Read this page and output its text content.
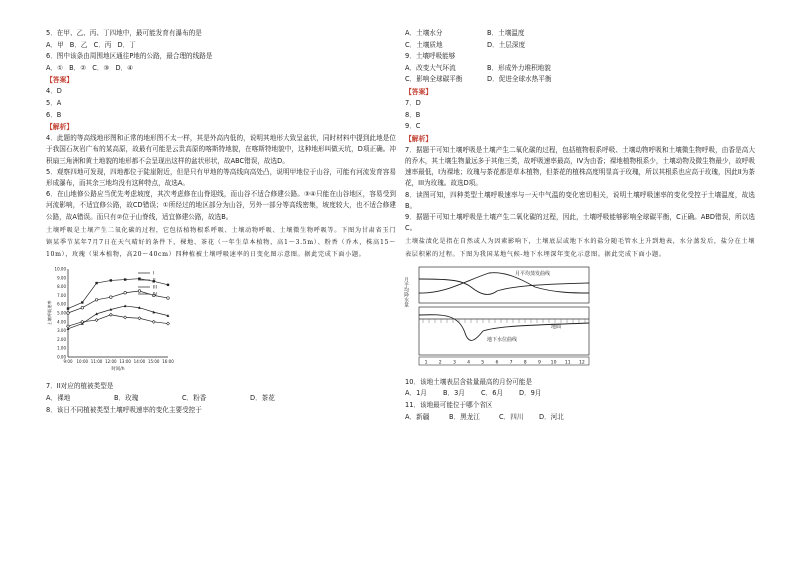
5．在甲、乙、丙、丁四地中，最可能发育有瀑布的是
A．甲 B．乙 C．丙 D．丁
6．图中该条由周围地区通往P地的公路，最合理的线路是
A．① B．② C．③ D．④
【答案】
4．D
5．A
6．B
【解析】
4．此题的等高线地形图和正常的地形图不太一样，其是外高内低的，说明其地形大致呈盆状，同时材料中提到此地是位于我国石灰岩广布的某高原，故最有可能是云贵高原的喀斯特地貌，在喀斯特地貌中，这种地形叫做天坑，D项正确。冲积扇三角洲和黄土地貌的地形都不会呈现出这样的盆状形状，故ABC错误，故选D。
5．观察四地可发现，四地都位于陡崖附近，但是只有甲地的等高线向高处凸，说明甲地位于山谷，可能有河流发育容易形成瀑布，而其余三地均没有这种特点，故选A。
6．在山地修公路应当优先考虑坡度，其次考虑修在山脊迎线，而山谷不适合修建公路。③④只能在山谷地区，容易受到河流影响，不适宜修公路，故CD错误；①所经过的地区部分为山谷，另外一部分等高线密集，坡度较大，也不适合修建公路，故A错误。而只有②位于山脊线，适宜修建公路，故选B。
土壤呼吸是土壤产生二氧化碳的过程，它包括植物根系呼吸、土壤动物呼吸、土壤微生物呼吸等。下图为甘肃省玉门镇某季节某年7月7日在天气晴好的条件下，裸地、茶花（一年生草本植物，高1～3.5m）、粉香（乔木，株高15～10m），玫瑰（果本植物，高20～40cm）四种植被土壤呼吸速率的日变化图示意图。据此完成下面小题。
0.00
1.00
2.00
3.00
4.00
5.00
6.00
7.00
8.00
9.00
10.00
9:00 10:00 11:00 12:00 13:00 14:00 15:00 16:00
时间/h
土壤呼吸速率
I
II
III
IV
7．II对应的植被类型是
A．裸地	B．玫瑰	C．粉香	D．茶花
8．该日不同植被类型土壤呼吸速率的变化主要受控于
A．土壤水分	B．土壤温度
C．土壤质地	D．土层深度
9．土壤呼吸能够
A．改变大气环流	B．形成外力堆积地貌
C．影响全球碳平衡	D．促进全球水热平衡
【答案】
7．D
8．B
9．C
【解析】
7．据题干可知土壤呼吸是土壤产生二氧化碳的过程，包括植物根系呼吸、土壤动物呼吸和土壤微生物呼吸，由香是高大的乔木，其土壤生物量远多于其他三类，故呼吸速率最高，IV为由香；裸地植物根系少，土壤动物及微生物最少，故呼吸速率最低，I为裸地；玫瑰与茶花都是草本植物，但茶花的植株高度明显高于玫瑰，所以其根系也应高于玫瑰，因此II为茶花，III为玫瑰。故选D项。
8．读图可知，四种类型土壤呼吸速率与一天中气温的变化密切相关，说明土壤呼吸速率的变化受控于土壤温度，故选B。
9．据题干可知土壤呼吸是土壤产生二氧化碳的过程，因此，土壤呼吸能够影响全球碳平衡，C正确。ABD错误，所以选C。
土壤盐渍化是指在自然或人为因素影响下，土壤底层或地下水的盐分随毛管水上升到地表，水分蒸发后，盐分在土壤表层积累的过程。下图为我国某地气候-地下水埋深年变化示意图。据此完成下面小题。
月平均降水量
月平均蒸发曲线
地面
地下水位曲线
1 2 3 4 5 6 7 8 9 10 11 12
10．该地土壤表层含盐量最高的月份可能是
A．1月	B．3月	C．6月	D．9月
11．该地最可能位于哪个省区
A．新疆	B．黑龙江	C．四川	D．河北
